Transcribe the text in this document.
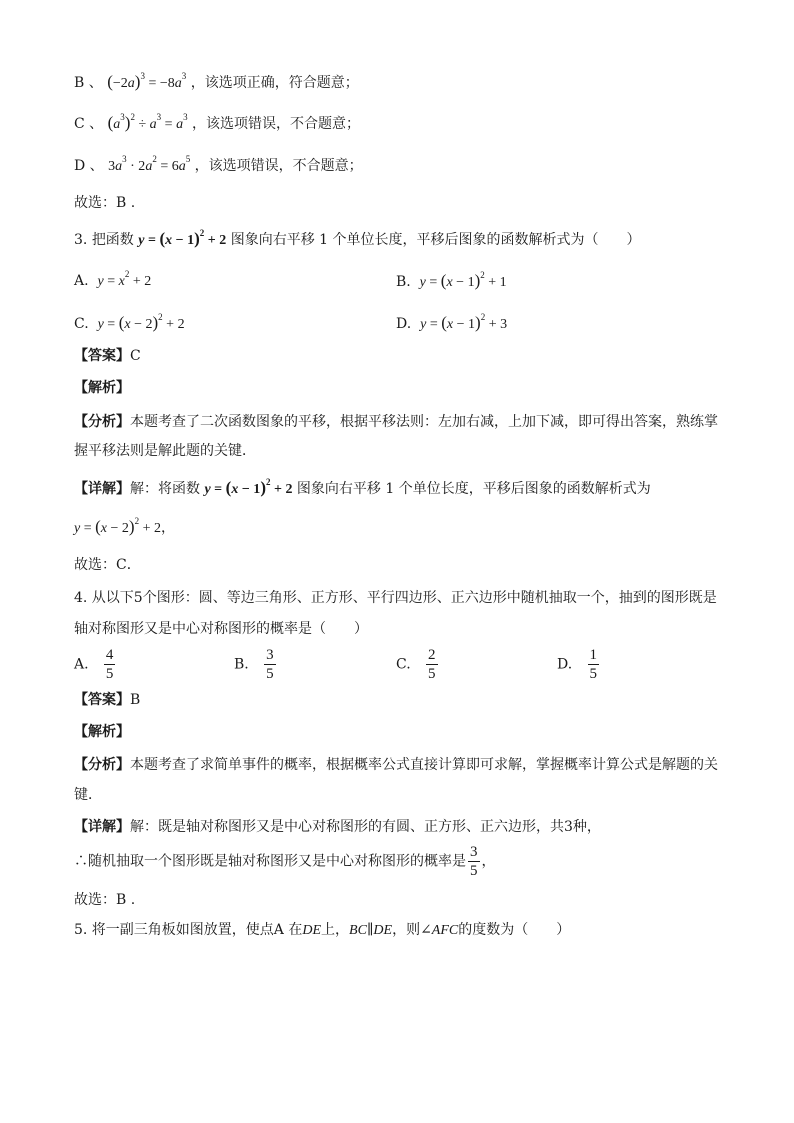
B 、 $(-2a)^3 = -8a^3$ ，该选项正确，符合题意；
C 、 $(a^3)^2 \div a^3 = a^3$ ，该选项错误，不合题意；
D 、 $3a^3 \cdot 2a^2 = 6a^5$ ，该选项错误，不合题意；
故选：B .
3. 把函数 $y = (x - 1)^2 + 2$ 图象向右平移 1 个单位长度，平移后图象的函数解析式为（　　）
A. $y = x^2 + 2$	B. $y = (x - 1)^2 + 1$
C. $y = (x - 2)^2 + 2$	D. $y = (x - 1)^2 + 3$
【答案】C
【解析】
【分析】本题考查了二次函数图象的平移，根据平移法则：左加右减，上加下减，即可得出答案，熟练掌
握平移法则是解此题的关键．
【详解】解：将函数 $y = (x - 1)^2 + 2$ 图象向右平移 1 个单位长度，平移后图象的函数解析式为
$y = (x - 2)^2 + 2$，
故选：C．
4. 从以下5个图形：圆、等边三角形、正方形、平行四边形、正六边形中随机抽取一个，抽到的图形既是
轴对称图形又是中心对称图形的概率是（　　）
A. $\frac{4}{5}$	B. $\frac{3}{5}$	C. $\frac{2}{5}$	D. $\frac{1}{5}$
【答案】B
【解析】
【分析】本题考查了求简单事件的概率，根据概率公式直接计算即可求解，掌握概率计算公式是解题的关
键．
【详解】解：既是轴对称图形又是中心对称图形的有圆、正方形、正六边形，共3种，
∴随机抽取一个图形既是轴对称图形又是中心对称图形的概率是 $\frac{3}{5}$ ，
故选：B .
5. 将一副三角板如图放置，使点A 在DE上，BC∥DE，则∠AFC的度数为（　　）
